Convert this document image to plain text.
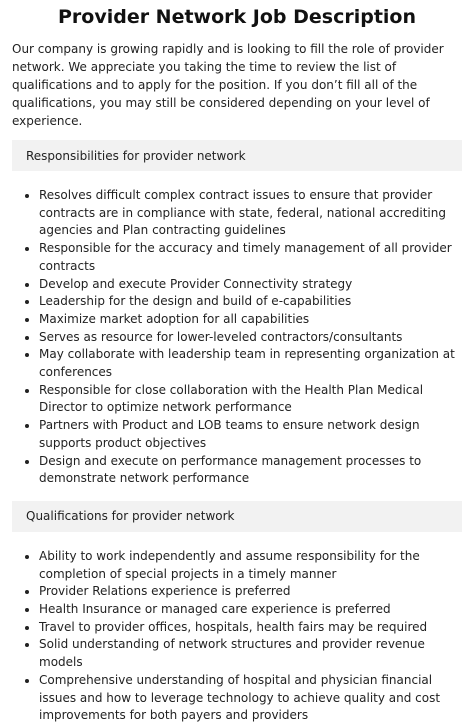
Provider Network Job Description

Our company is growing rapidly and is looking to fill the role of provider network. We appreciate you taking the time to review the list of qualifications and to apply for the position. If you don’t fill all of the qualifications, you may still be considered depending on your level of experience.

Responsibilities for provider network
Resolves difficult complex contract issues to ensure that provider contracts are in compliance with state, federal, national accrediting agencies and Plan contracting guidelines
Responsible for the accuracy and timely management of all provider contracts
Develop and execute Provider Connectivity strategy
Leadership for the design and build of e-capabilities
Maximize market adoption for all capabilities
Serves as resource for lower-leveled contractors/consultants
May collaborate with leadership team in representing organization at conferences
Responsible for close collaboration with the Health Plan Medical Director to optimize network performance
Partners with Product and LOB teams to ensure network design supports product objectives
Design and execute on performance management processes to demonstrate network performance
Qualifications for provider network
Ability to work independently and assume responsibility for the completion of special projects in a timely manner
Provider Relations experience is preferred
Health Insurance or managed care experience is preferred
Travel to provider offices, hospitals, health fairs may be required
Solid understanding of network structures and provider revenue models
Comprehensive understanding of hospital and physician financial issues and how to leverage technology to achieve quality and cost improvements for both payers and providers
